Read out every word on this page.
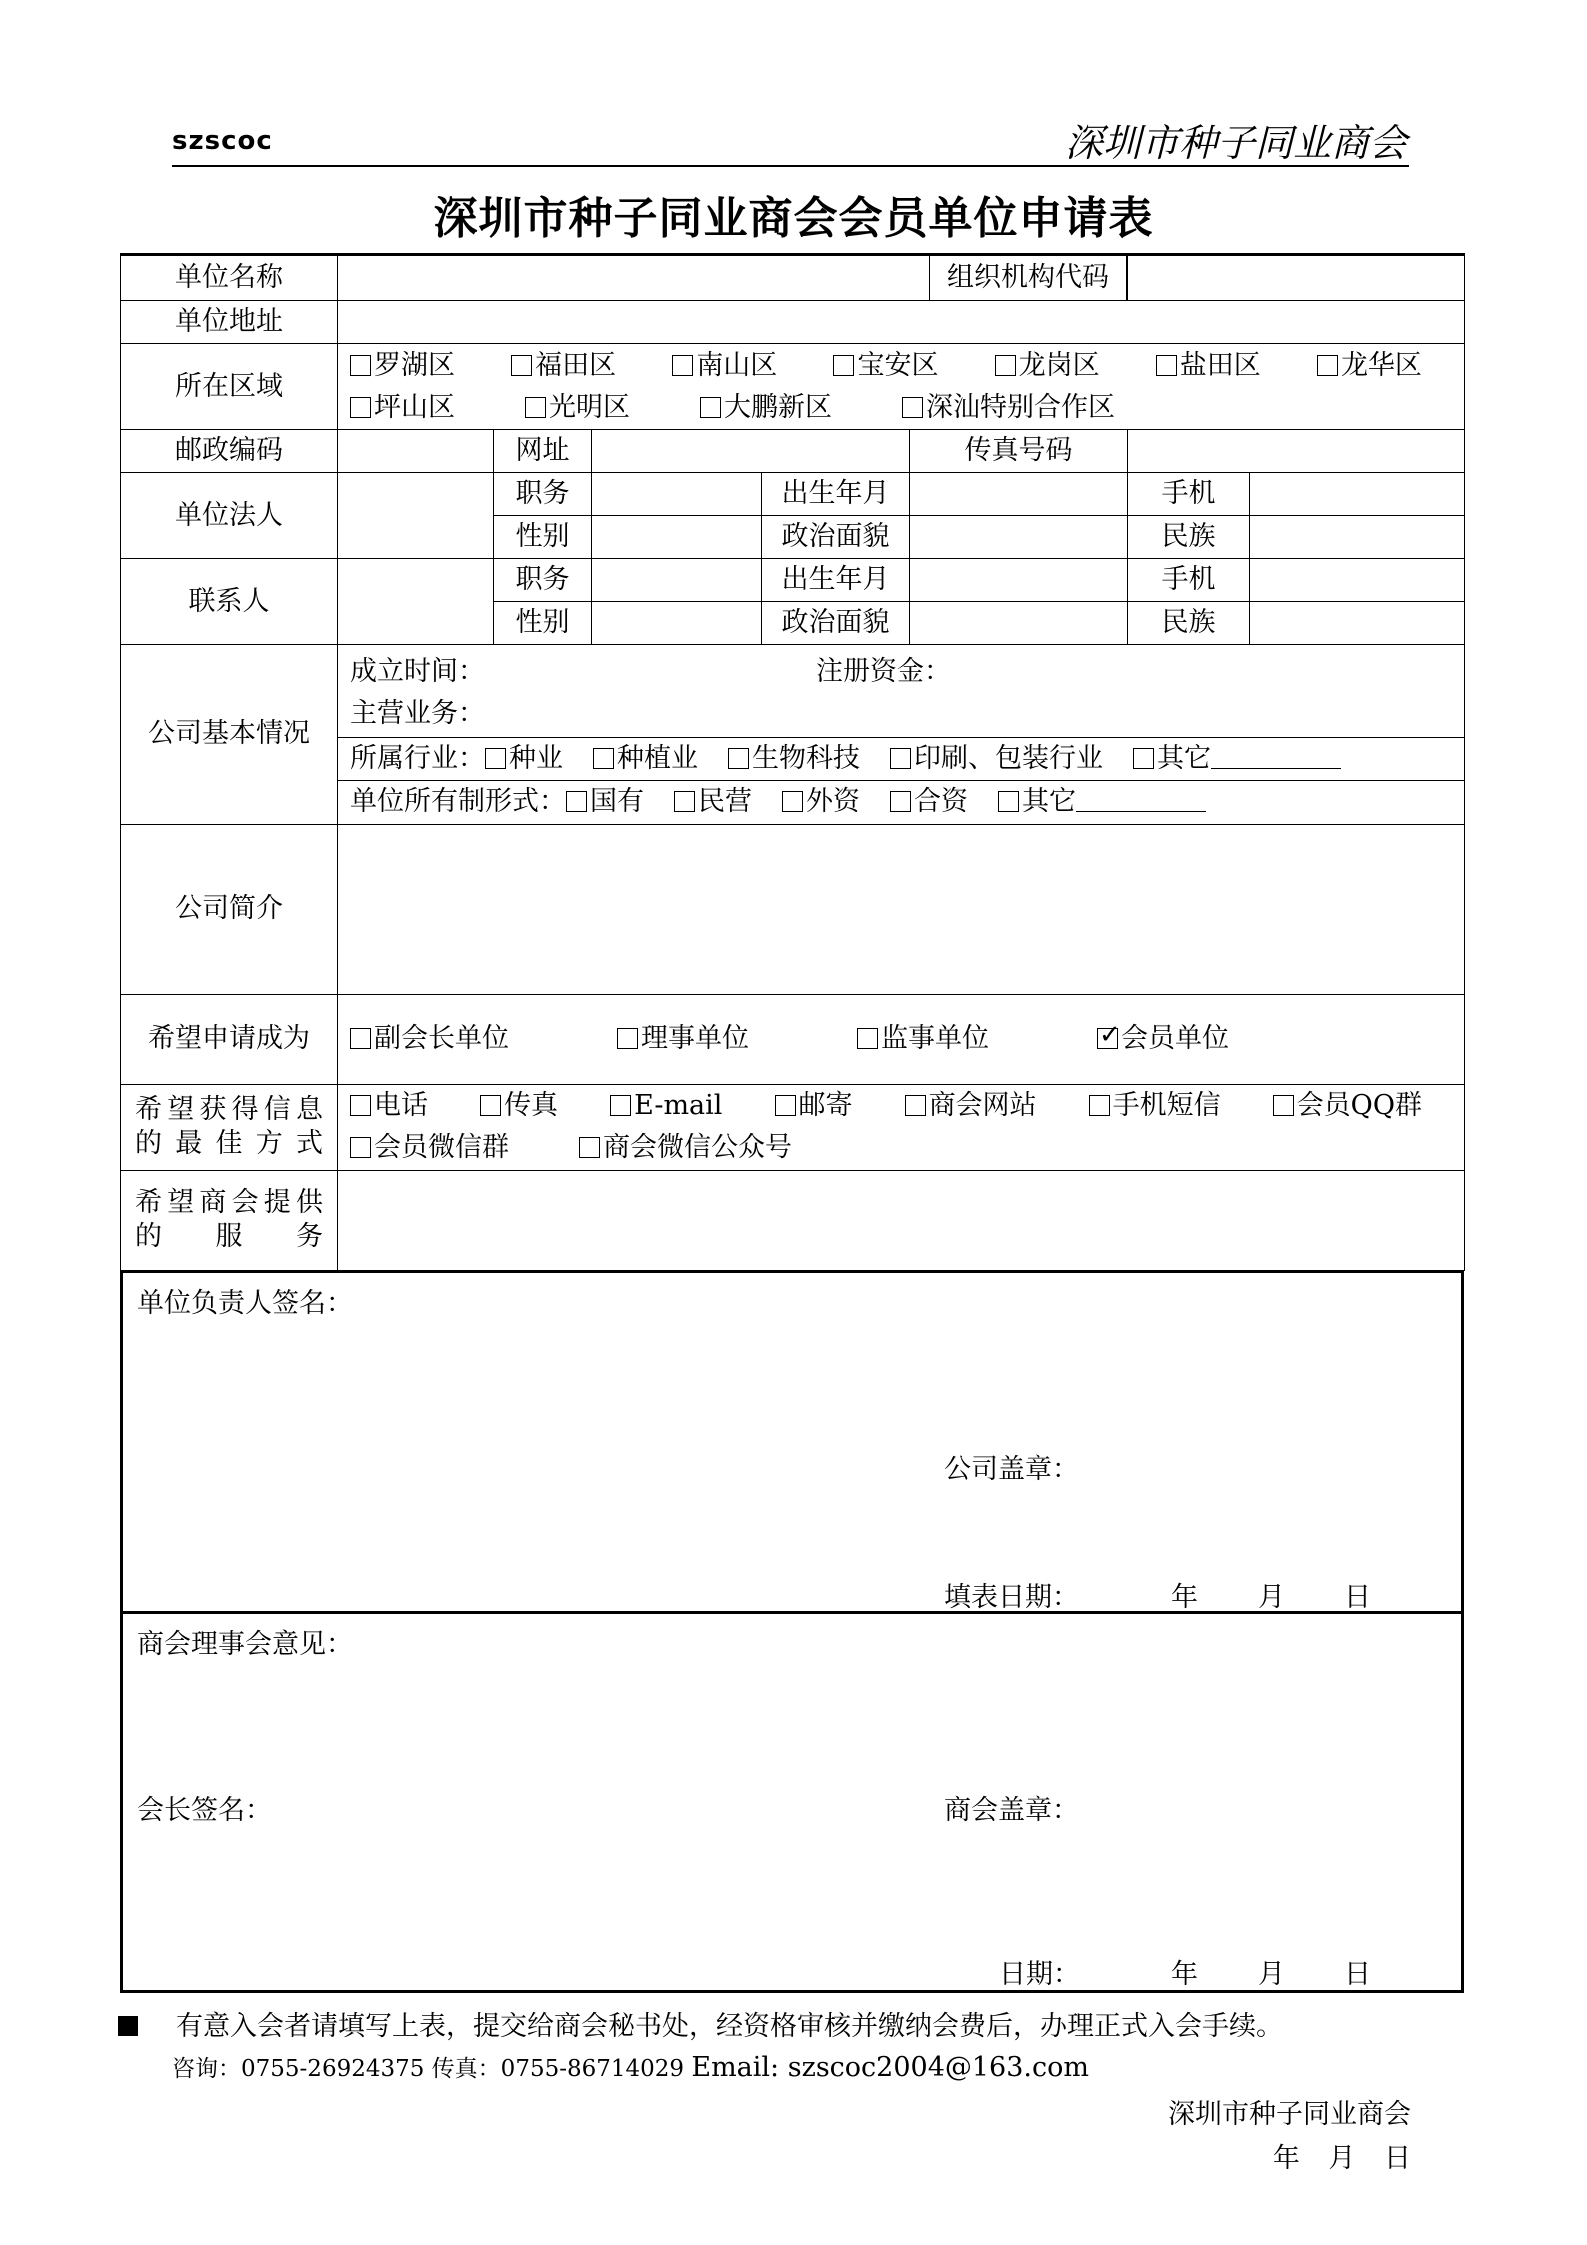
szscoc	深圳市种子同业商会
深圳市种子同业商会会员单位申请表
单位名称	组织机构代码

单位地址	
所在区域	
罗湖区	福田区	南山区	宝安区	龙岗区	盐田区	龙华区
坪山区	光明区	大鹏新区	深汕特别合作区

邮政编码		网址		传真号码	
单位法人		职务		出生年月		手机	
性别		政治面貌		民族	
联系人		职务		出生年月		手机	
性别		政治面貌		民族	
公司基本情况	
成立时间：	注册资金：
主营业务：

所属行业： 种业 种植业 生物科技 印刷、包装行业 其它
单位所有制形式： 国有 民营 外资 合资 其它

公司简介	
希望申请成为	副会长单位	理事单位	监事单位
✓	会员单位

希望获得信息的最佳方式	
电话	传真	E-mail	邮寄	商会网站	手机短信	会员QQ群
会员微信群	商会微信公众号

希望商会提供的服务	
单位负责人签名：
公司盖章：
填表日期：	年 月 日
商会理事会意见：
会长签名：	商会盖章：
日期：	年 月 日
有意入会者请填写上表，提交给商会秘书处，经资格审核并缴纳会费后，办理正式入会手续。
咨询：0755-26924375 传真：0755-86714029 Email: szscoc2004@163.com
深圳市种子同业商会
年 月 日
